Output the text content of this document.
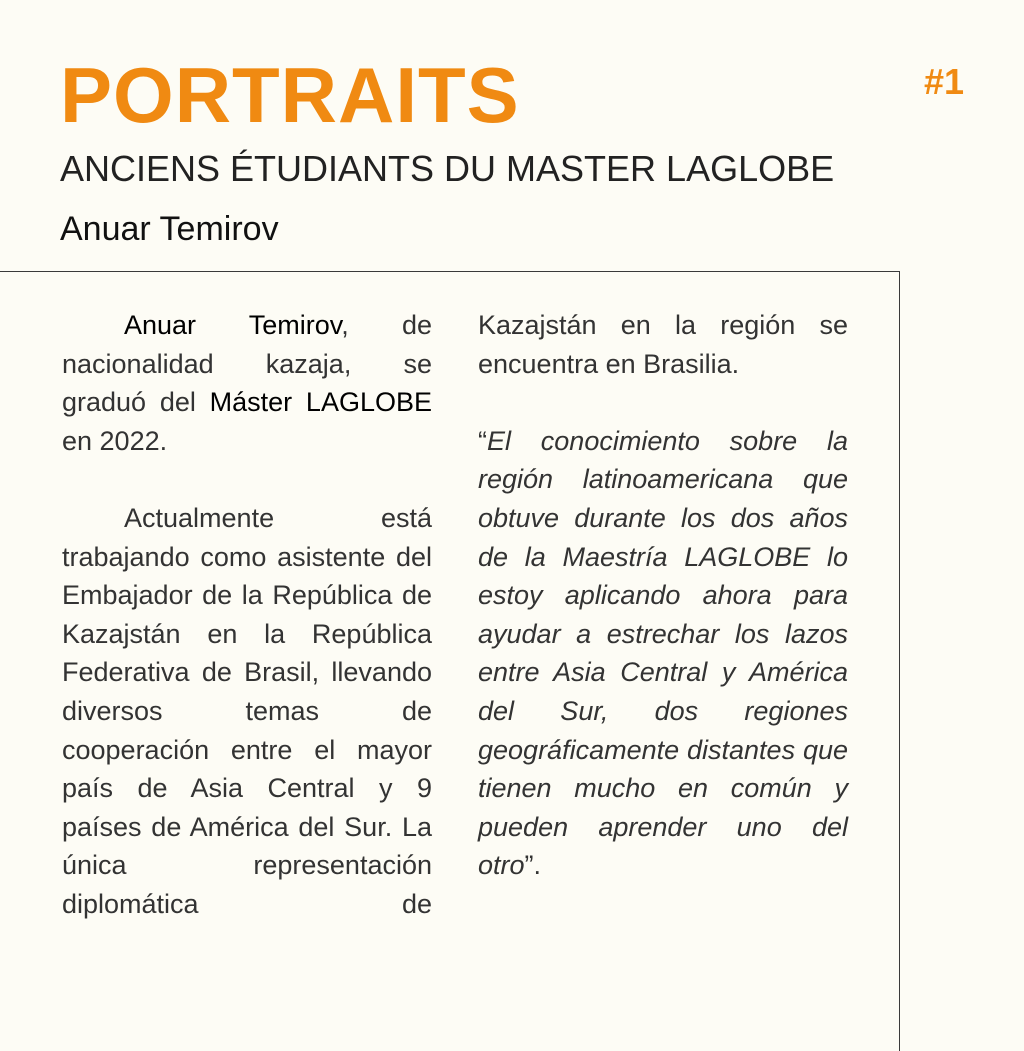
PORTRAITS	#1
ANCIENS ÉTUDIANTS DU MASTER LAGLOBE
Anuar Temirov

Anuar Temirov, de nacionalidad kazaja, se graduó del Máster LAGLOBE en 2022.

Actualmente está trabajando como asistente del Embajador de la República de Kazajstán en la República Federativa de Brasil, llevando diversos temas de cooperación entre el mayor país de Asia Central y 9 países de América del Sur. La única representación diplomática de

Kazajstán en la región se encuentra en Brasilia.

“El conocimiento sobre la región latinoamericana que obtuve durante los dos años de la Maestría LAGLOBE lo estoy aplicando ahora para ayudar a estrechar los lazos entre Asia Central y América del Sur, dos regiones geográficamente distantes que tienen mucho en común y pueden aprender uno del otro”.
